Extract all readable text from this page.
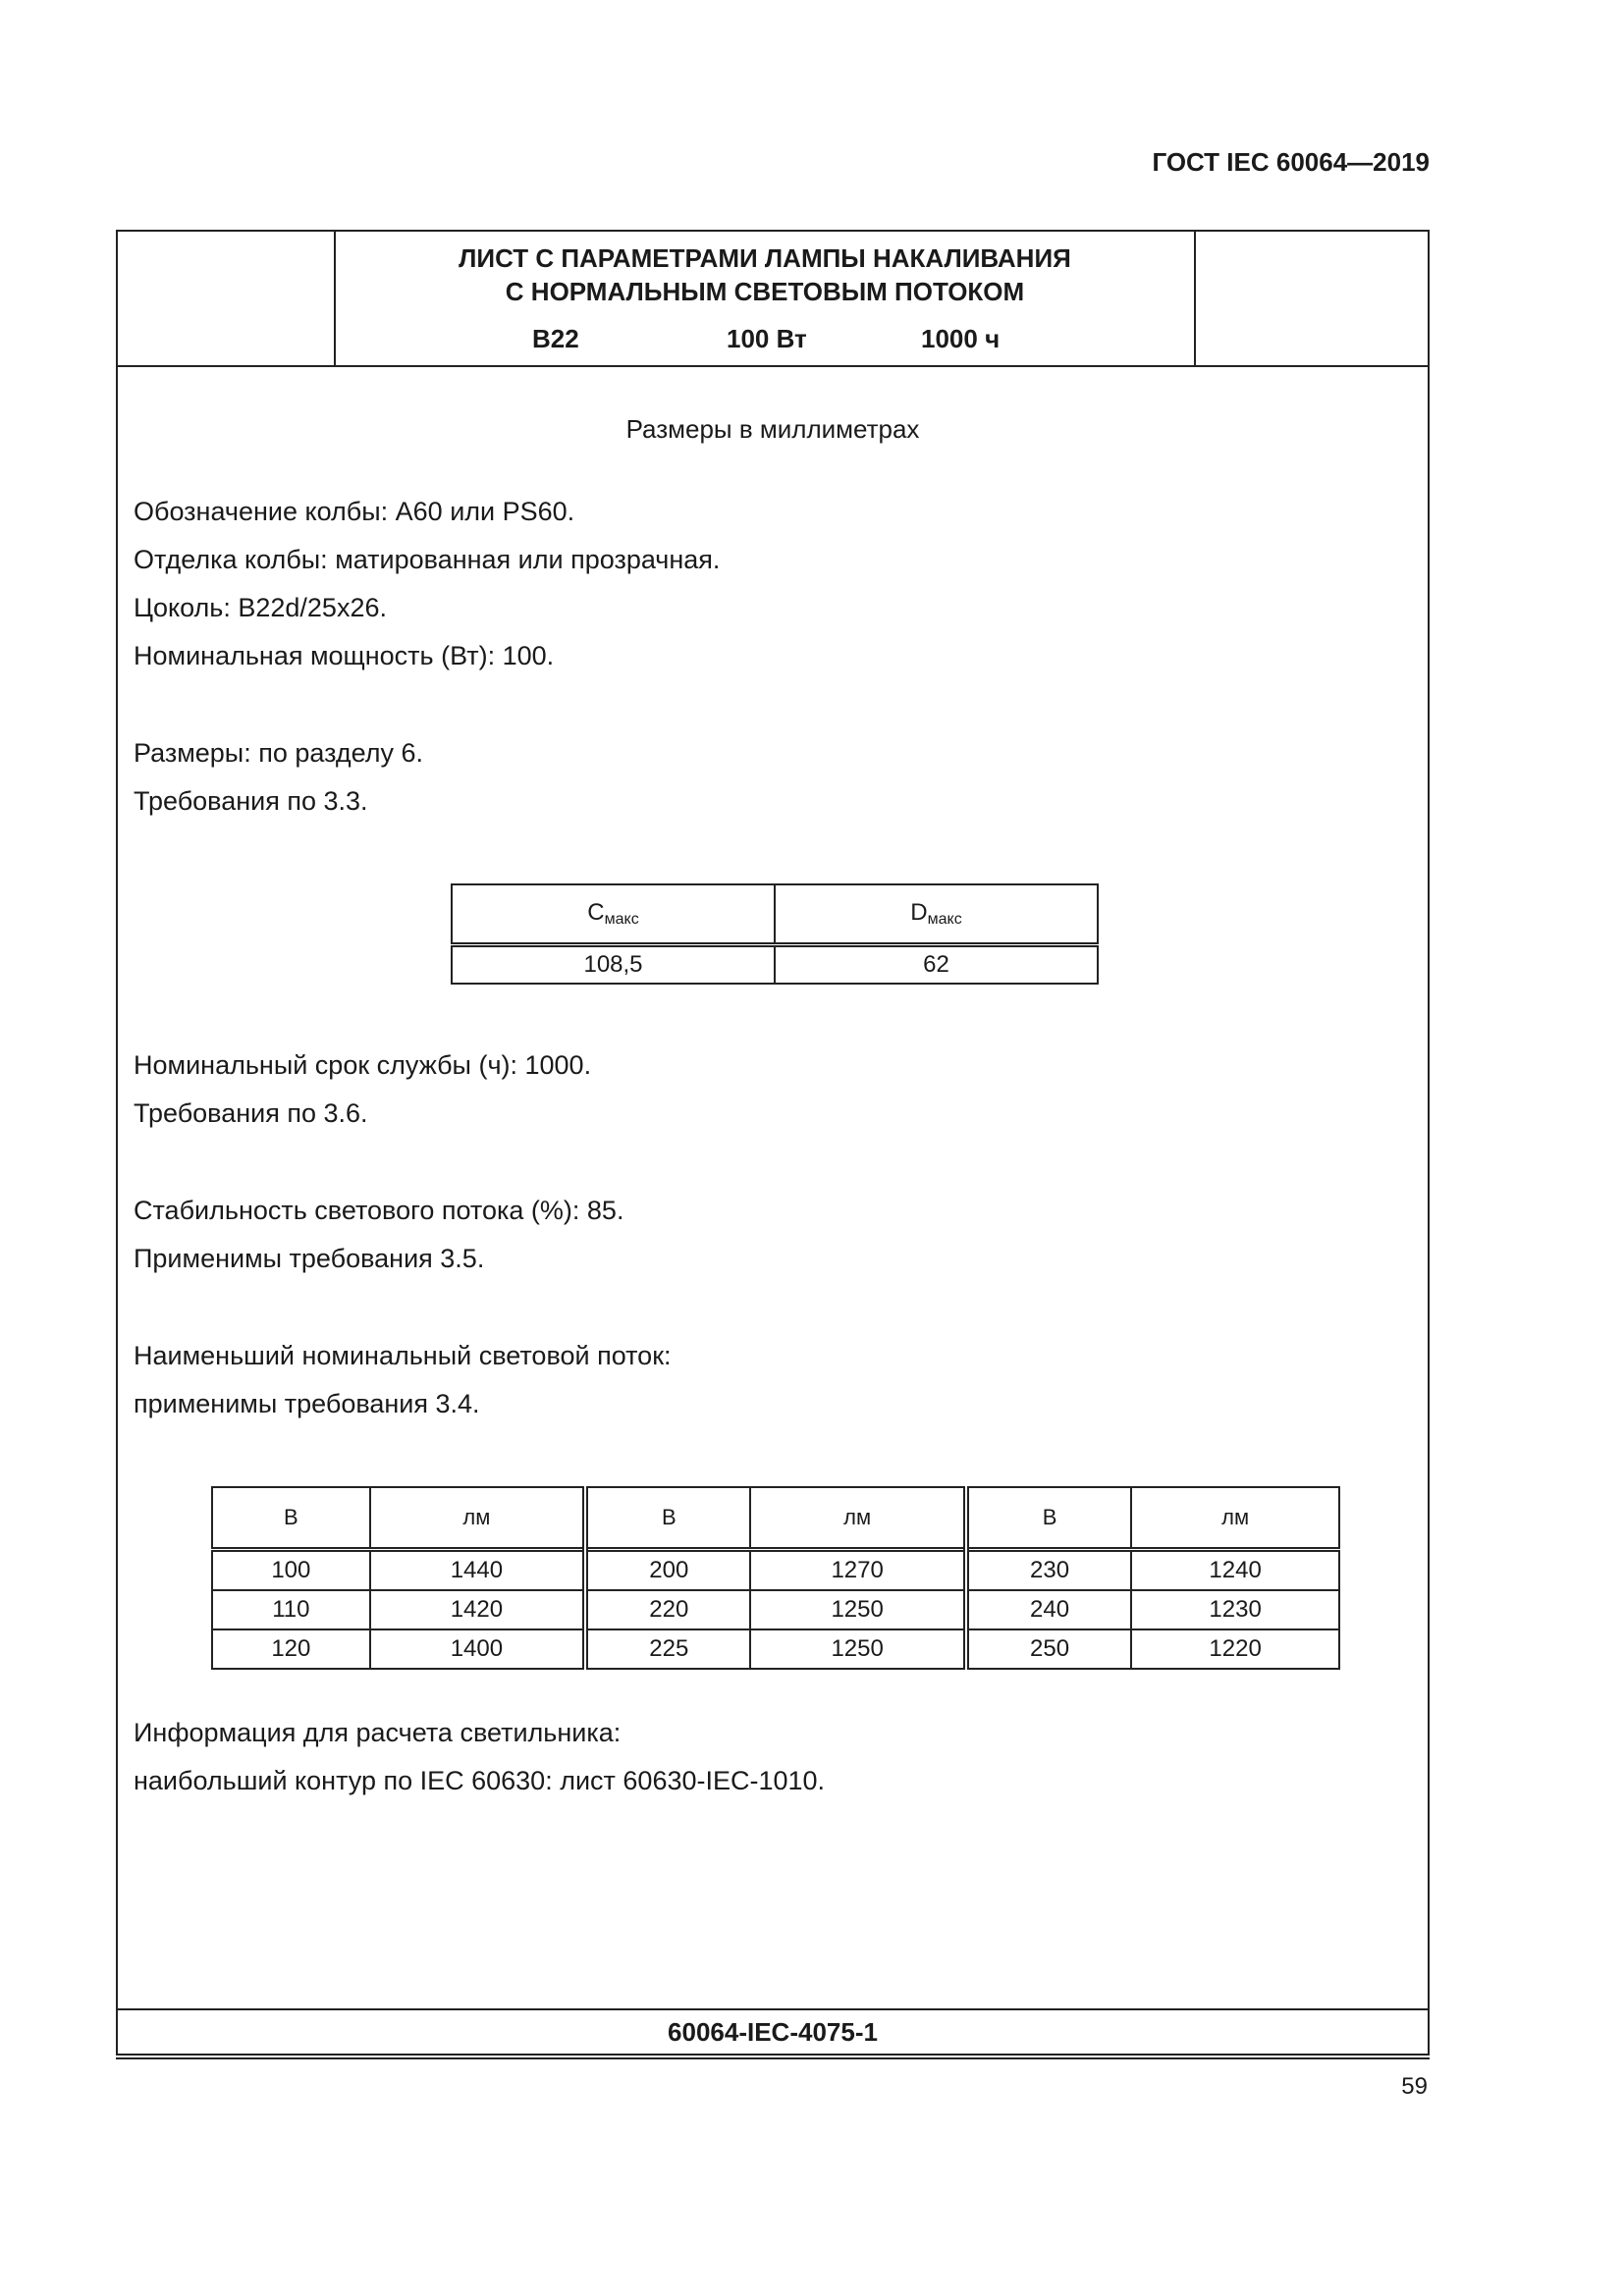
ГОСТ IEC 60064—2019
ЛИСТ С ПАРАМЕТРАМИ ЛАМПЫ НАКАЛИВАНИЯ
С НОРМАЛЬНЫМ СВЕТОВЫМ ПОТОКОМ
B22	100 Вт	1000 ч
Размеры в миллиметрах
Обозначение колбы: А60 или PS60.
Отделка колбы: матированная или прозрачная.
Цоколь: B22d/25x26.
Номинальная мощность (Вт): 100.
Размеры: по разделу 6.
Требования по 3.3.
$C_{макс}$	$D_{макс}$
108,5	62
Номинальный срок службы (ч): 1000.
Требования по 3.6.
Стабильность светового потока (%): 85.
Применимы требования 3.5.
Наименьший номинальный световой поток:
применимы требования 3.4.
В	лм	В	лм	В	лм
100	1440	200	1270	230	1240
110	1420	220	1250	240	1230
120	1400	225	1250	250	1220
Информация для расчета светильника:
наибольший контур по IEC 60630: лист 60630-IEC-1010.
60064-IEC-4075-1
59
